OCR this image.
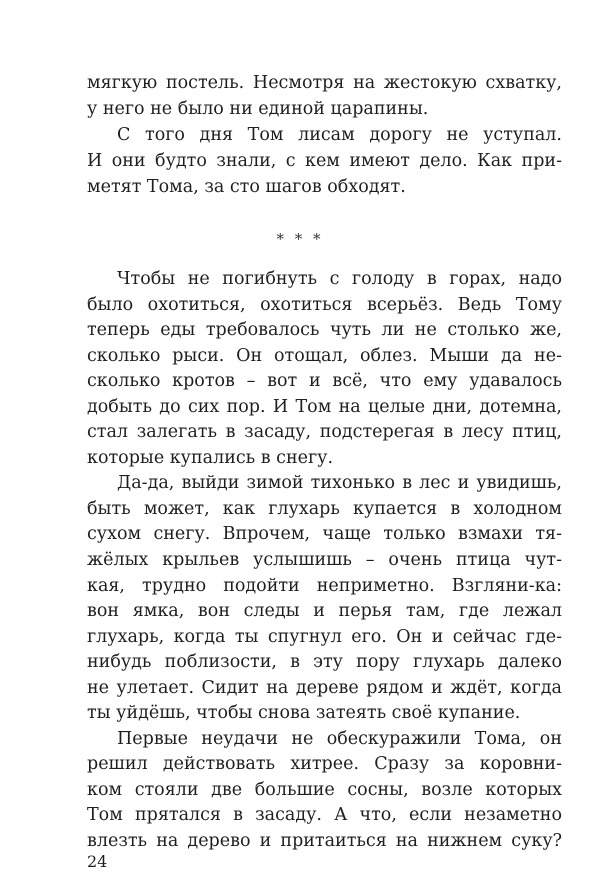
мягкую постель. Несмотря на жестокую схватку,
у него не было ни единой царапины.
С того дня Том лисам дорогу не уступал.
И они будто знали, с кем имеют дело. Как при-
метят Тома, за сто шагов обходят.
* * *
Чтобы не погибнуть с голоду в горах, надо
было охотиться, охотиться всерьёз. Ведь Тому
теперь еды требовалось чуть ли не столько же,
сколько рыси. Он отощал, облез. Мыши да не-
сколько кротов – вот и всё, что ему удавалось
добыть до сих пор. И Том на целые дни, дотемна,
стал залегать в засаду, подстерегая в лесу птиц,
которые купались в снегу.
Да-да, выйди зимой тихонько в лес и увидишь,
быть может, как глухарь купается в холодном
сухом снегу. Впрочем, чаще только взмахи тя-
жёлых крыльев услышишь – очень птица чут-
кая, трудно подойти неприметно. Взгляни-ка:
вон ямка, вон следы и перья там, где лежал
глухарь, когда ты спугнул его. Он и сейчас где-
нибудь поблизости, в эту пору глухарь далеко
не улетает. Сидит на дереве рядом и ждёт, когда
ты уйдёшь, чтобы снова затеять своё купание.
Первые неудачи не обескуражили Тома, он
решил действовать хитрее. Сразу за коровни-
ком стояли две большие сосны, возле которых
Том прятался в засаду. А что, если незаметно
влезть на дерево и притаиться на нижнем суку?
24
